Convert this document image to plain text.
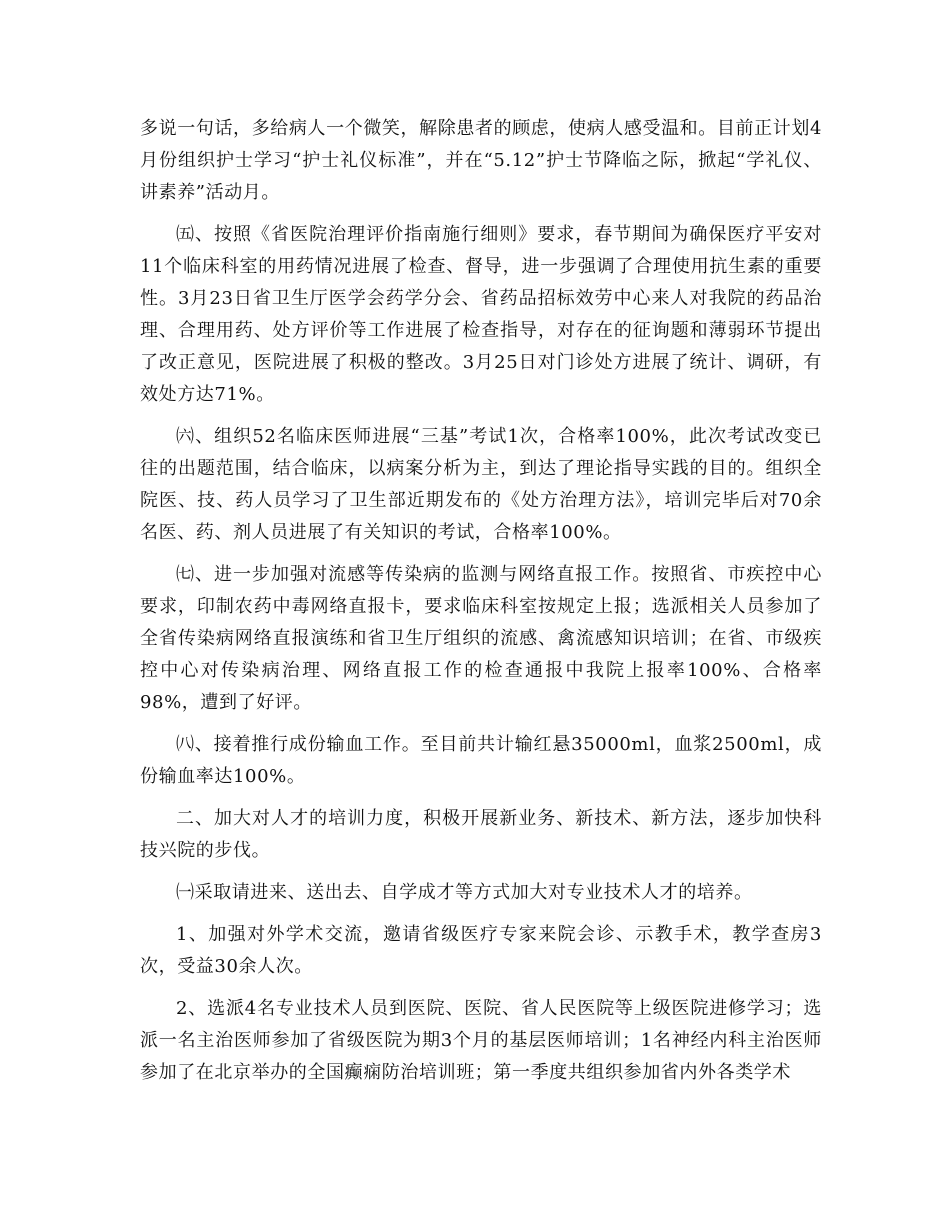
多说一句话，多给病人一个微笑，解除患者的顾虑，使病人感受温和。目前正计划4月份组织护士学习“护士礼仪标准”，并在“5.12”护士节降临之际，掀起“学礼仪、讲素养”活动月。

㈤、按照《省医院治理评价指南施行细则》要求，春节期间为确保医疗平安对11个临床科室的用药情况进展了检查、督导，进一步强调了合理使用抗生素的重要性。3月23日省卫生厅医学会药学分会、省药品招标效劳中心来人对我院的药品治理、合理用药、处方评价等工作进展了检查指导，对存在的征询题和薄弱环节提出了改正意见，医院进展了积极的整改。3月25日对门诊处方进展了统计、调研，有效处方达71%。

㈥、组织52名临床医师进展“三基”考试1次，合格率100%，此次考试改变已往的出题范围，结合临床，以病案分析为主，到达了理论指导实践的目的。组织全院医、技、药人员学习了卫生部近期发布的《处方治理方法》，培训完毕后对70余名医、药、剂人员进展了有关知识的考试，合格率100%。

㈦、进一步加强对流感等传染病的监测与网络直报工作。按照省、市疾控中心要求，印制农药中毒网络直报卡，要求临床科室按规定上报；选派相关人员参加了全省传染病网络直报演练和省卫生厅组织的流感、禽流感知识培训；在省、市级疾控中心对传染病治理、网络直报工作的检查通报中我院上报率100%、合格率98%，遭到了好评。

㈧、接着推行成份输血工作。至目前共计输红悬35000ml，血浆2500ml，成份输血率达100%。

二、加大对人才的培训力度，积极开展新业务、新技术、新方法，逐步加快科技兴院的步伐。

㈠采取请进来、送出去、自学成才等方式加大对专业技术人才的培养。

1、加强对外学术交流，邀请省级医疗专家来院会诊、示教手术，教学查房3次，受益30余人次。

2、选派4名专业技术人员到医院、医院、省人民医院等上级医院进修学习；选派一名主治医师参加了省级医院为期3个月的基层医师培训；1名神经内科主治医师参加了在北京举办的全国癫痫防治培训班；第一季度共组织参加省内外各类学术
